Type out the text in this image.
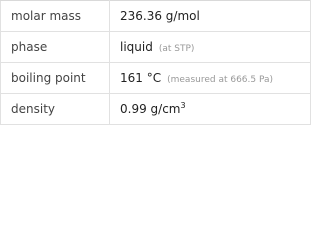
molar mass	236.36 g/mol
phase	liquid (at STP)
boiling point	161 °C (measured at 666.5 Pa)
density	0.99 $g/cm^3$
